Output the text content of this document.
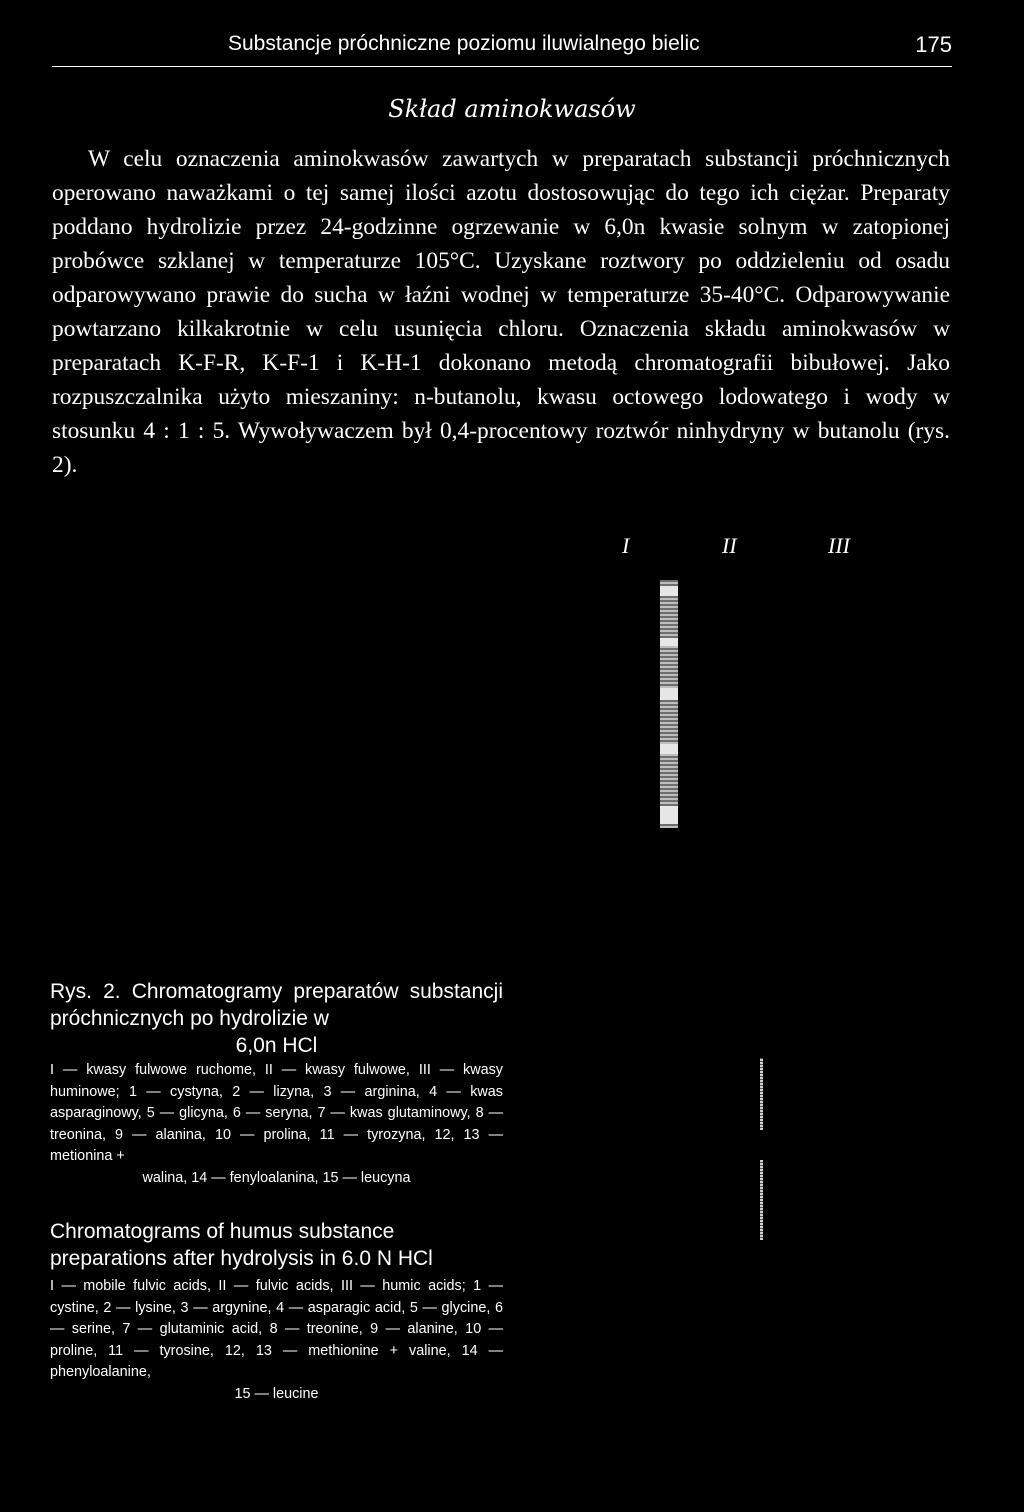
Substancje próchniczne poziomu iluwialnego bielic	175
Skład aminokwasów

W celu oznaczenia aminokwasów zawartych w preparatach substancji próchnicznych operowano naważkami o tej samej ilości azotu dostosowując do tego ich ciężar. Preparaty poddano hydrolizie przez 24-godzinne ogrzewanie w 6,0n kwasie solnym w zatopionej probówce szklanej w temperaturze 105°C. Uzyskane roztwory po oddzieleniu od osadu odparowywano prawie do sucha w łaźni wodnej w temperaturze 35-40°C. Odparowywanie powtarzano kilkakrotnie w celu usunięcia chloru. Oznaczenia składu aminokwasów w preparatach K-F-R, K-F-1 i K-H-1 dokonano metodą chromatografii bibułowej. Jako rozpuszczalnika użyto mieszaniny: n-butanolu, kwasu octowego lodowatego i wody w stosunku 4 : 1 : 5. Wywoływaczem był 0,4-procentowy roztwór ninhydryny w butanolu (rys. 2).

I	II	III
Rys. 2. Chromatogramy preparatów substancji próchnicznych po hydrolizie w
6,0n HCl
I — kwasy fulwowe ruchome, II — kwasy fulwowe, III — kwasy huminowe; 1 — cystyna, 2 — lizyna, 3 — arginina, 4 — kwas asparaginowy, 5 — glicyna, 6 — seryna, 7 — kwas glutaminowy, 8 — treonina, 9 — alanina, 10 — prolina, 11 — tyrozyna, 12, 13 — metionina +
walina, 14 — fenyloalanina, 15 — leucyna
Chromatograms of humus substance preparations after hydrolysis in 6.0 N HCl
I — mobile fulvic acids, II — fulvic acids, III — humic acids; 1 — cystine, 2 — lysine, 3 — argynine, 4 — asparagic acid, 5 — glycine, 6 — serine, 7 — glutaminic acid, 8 — treonine, 9 — alanine, 10 — proline, 11 — tyrosine, 12, 13 — methionine + valine, 14 — phenyloalanine,
15 — leucine
